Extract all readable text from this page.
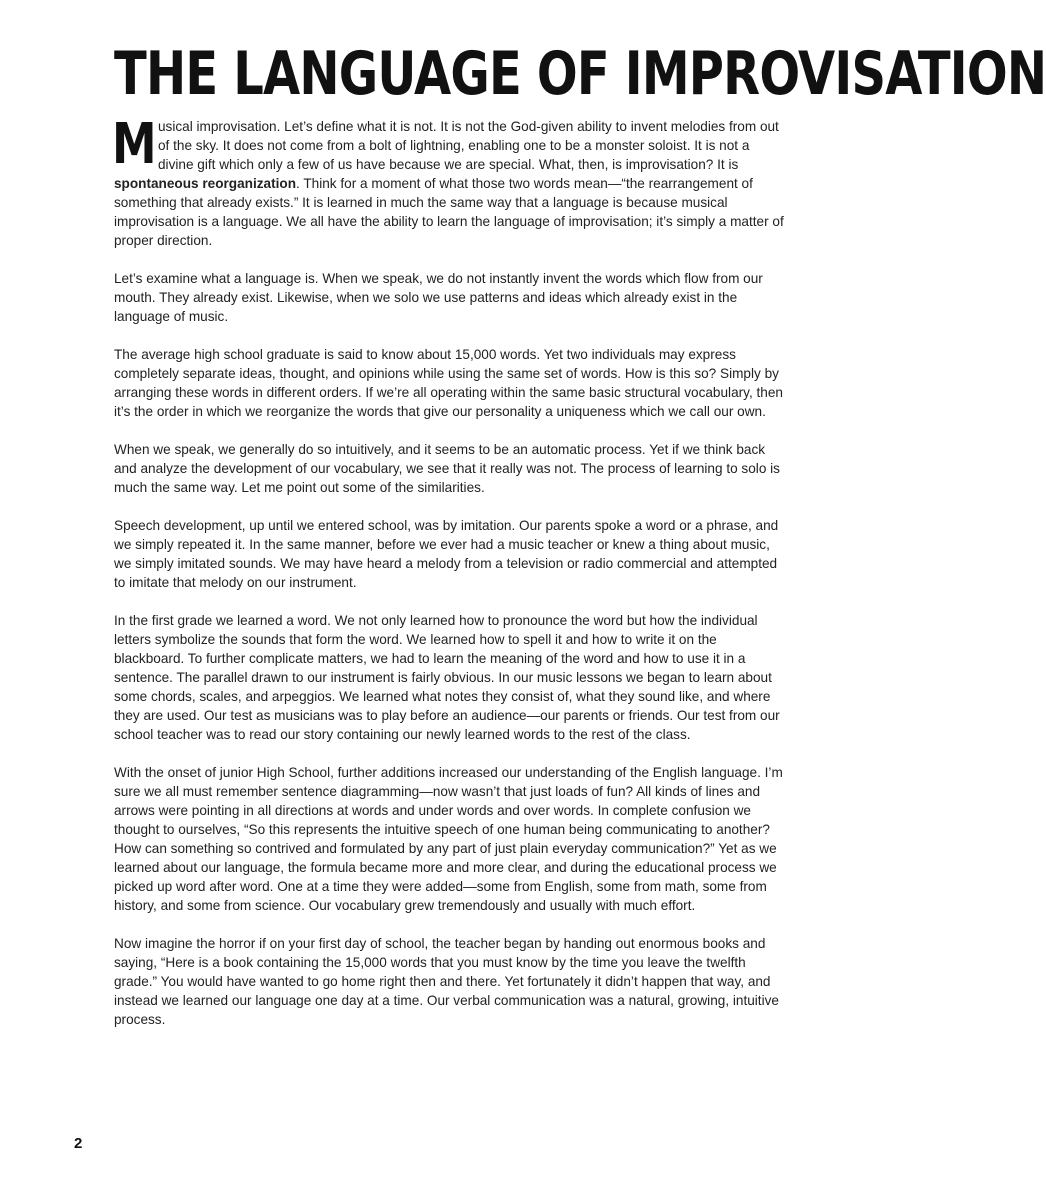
THE LANGUAGE OF IMPROVISATION

Musical improvisation. Let’s define what it is not. It is not the God-given ability to invent melodies from out of the sky. It does not come from a bolt of lightning, enabling one to be a monster soloist. It is not a divine gift which only a few of us have because we are special. What, then, is improvisation? It is spontaneous reorganization. Think for a moment of what those two words mean—“the rearrangement of something that already exists.” It is learned in much the same way that a language is because musical improvisation is a language. We all have the ability to learn the language of improvisation; it’s simply a matter of proper direction.

Let’s examine what a language is. When we speak, we do not instantly invent the words which flow from our mouth. They already exist. Likewise, when we solo we use patterns and ideas which already exist in the language of music.

The average high school graduate is said to know about 15,000 words. Yet two individuals may express completely separate ideas, thought, and opinions while using the same set of words. How is this so? Simply by arranging these words in different orders. If we’re all operating within the same basic structural vocabulary, then it’s the order in which we reorganize the words that give our personality a uniqueness which we call our own.

When we speak, we generally do so intuitively, and it seems to be an automatic process. Yet if we think back and analyze the development of our vocabulary, we see that it really was not. The process of learning to solo is much the same way. Let me point out some of the similarities.

Speech development, up until we entered school, was by imitation. Our parents spoke a word or a phrase, and we simply repeated it. In the same manner, before we ever had a music teacher or knew a thing about music, we simply imitated sounds. We may have heard a melody from a television or radio commercial and attempted to imitate that melody on our instrument.

In the first grade we learned a word. We not only learned how to pronounce the word but how the individual letters symbolize the sounds that form the word. We learned how to spell it and how to write it on the blackboard. To further complicate matters, we had to learn the meaning of the word and how to use it in a sentence. The parallel drawn to our instrument is fairly obvious. In our music lessons we began to learn about some chords, scales, and arpeggios. We learned what notes they consist of, what they sound like, and where they are used. Our test as musicians was to play before an audience—our parents or friends. Our test from our school teacher was to read our story containing our newly learned words to the rest of the class.

With the onset of junior High School, further additions increased our understanding of the English language. I’m sure we all must remember sentence diagramming—now wasn’t that just loads of fun? All kinds of lines and arrows were pointing in all directions at words and under words and over words. In complete confusion we thought to ourselves, “So this represents the intuitive speech of one human being communicating to another? How can something so contrived and formulated by any part of just plain everyday communication?” Yet as we learned about our language, the formula became more and more clear, and during the educational process we picked up word after word. One at a time they were added—some from English, some from math, some from history, and some from science. Our vocabulary grew tremendously and usually with much effort.

Now imagine the horror if on your first day of school, the teacher began by handing out enormous books and saying, “Here is a book containing the 15,000 words that you must know by the time you leave the twelfth grade.” You would have wanted to go home right then and there. Yet fortunately it didn’t happen that way, and instead we learned our language one day at a time. Our verbal communication was a natural, growing, intuitive process.

2
